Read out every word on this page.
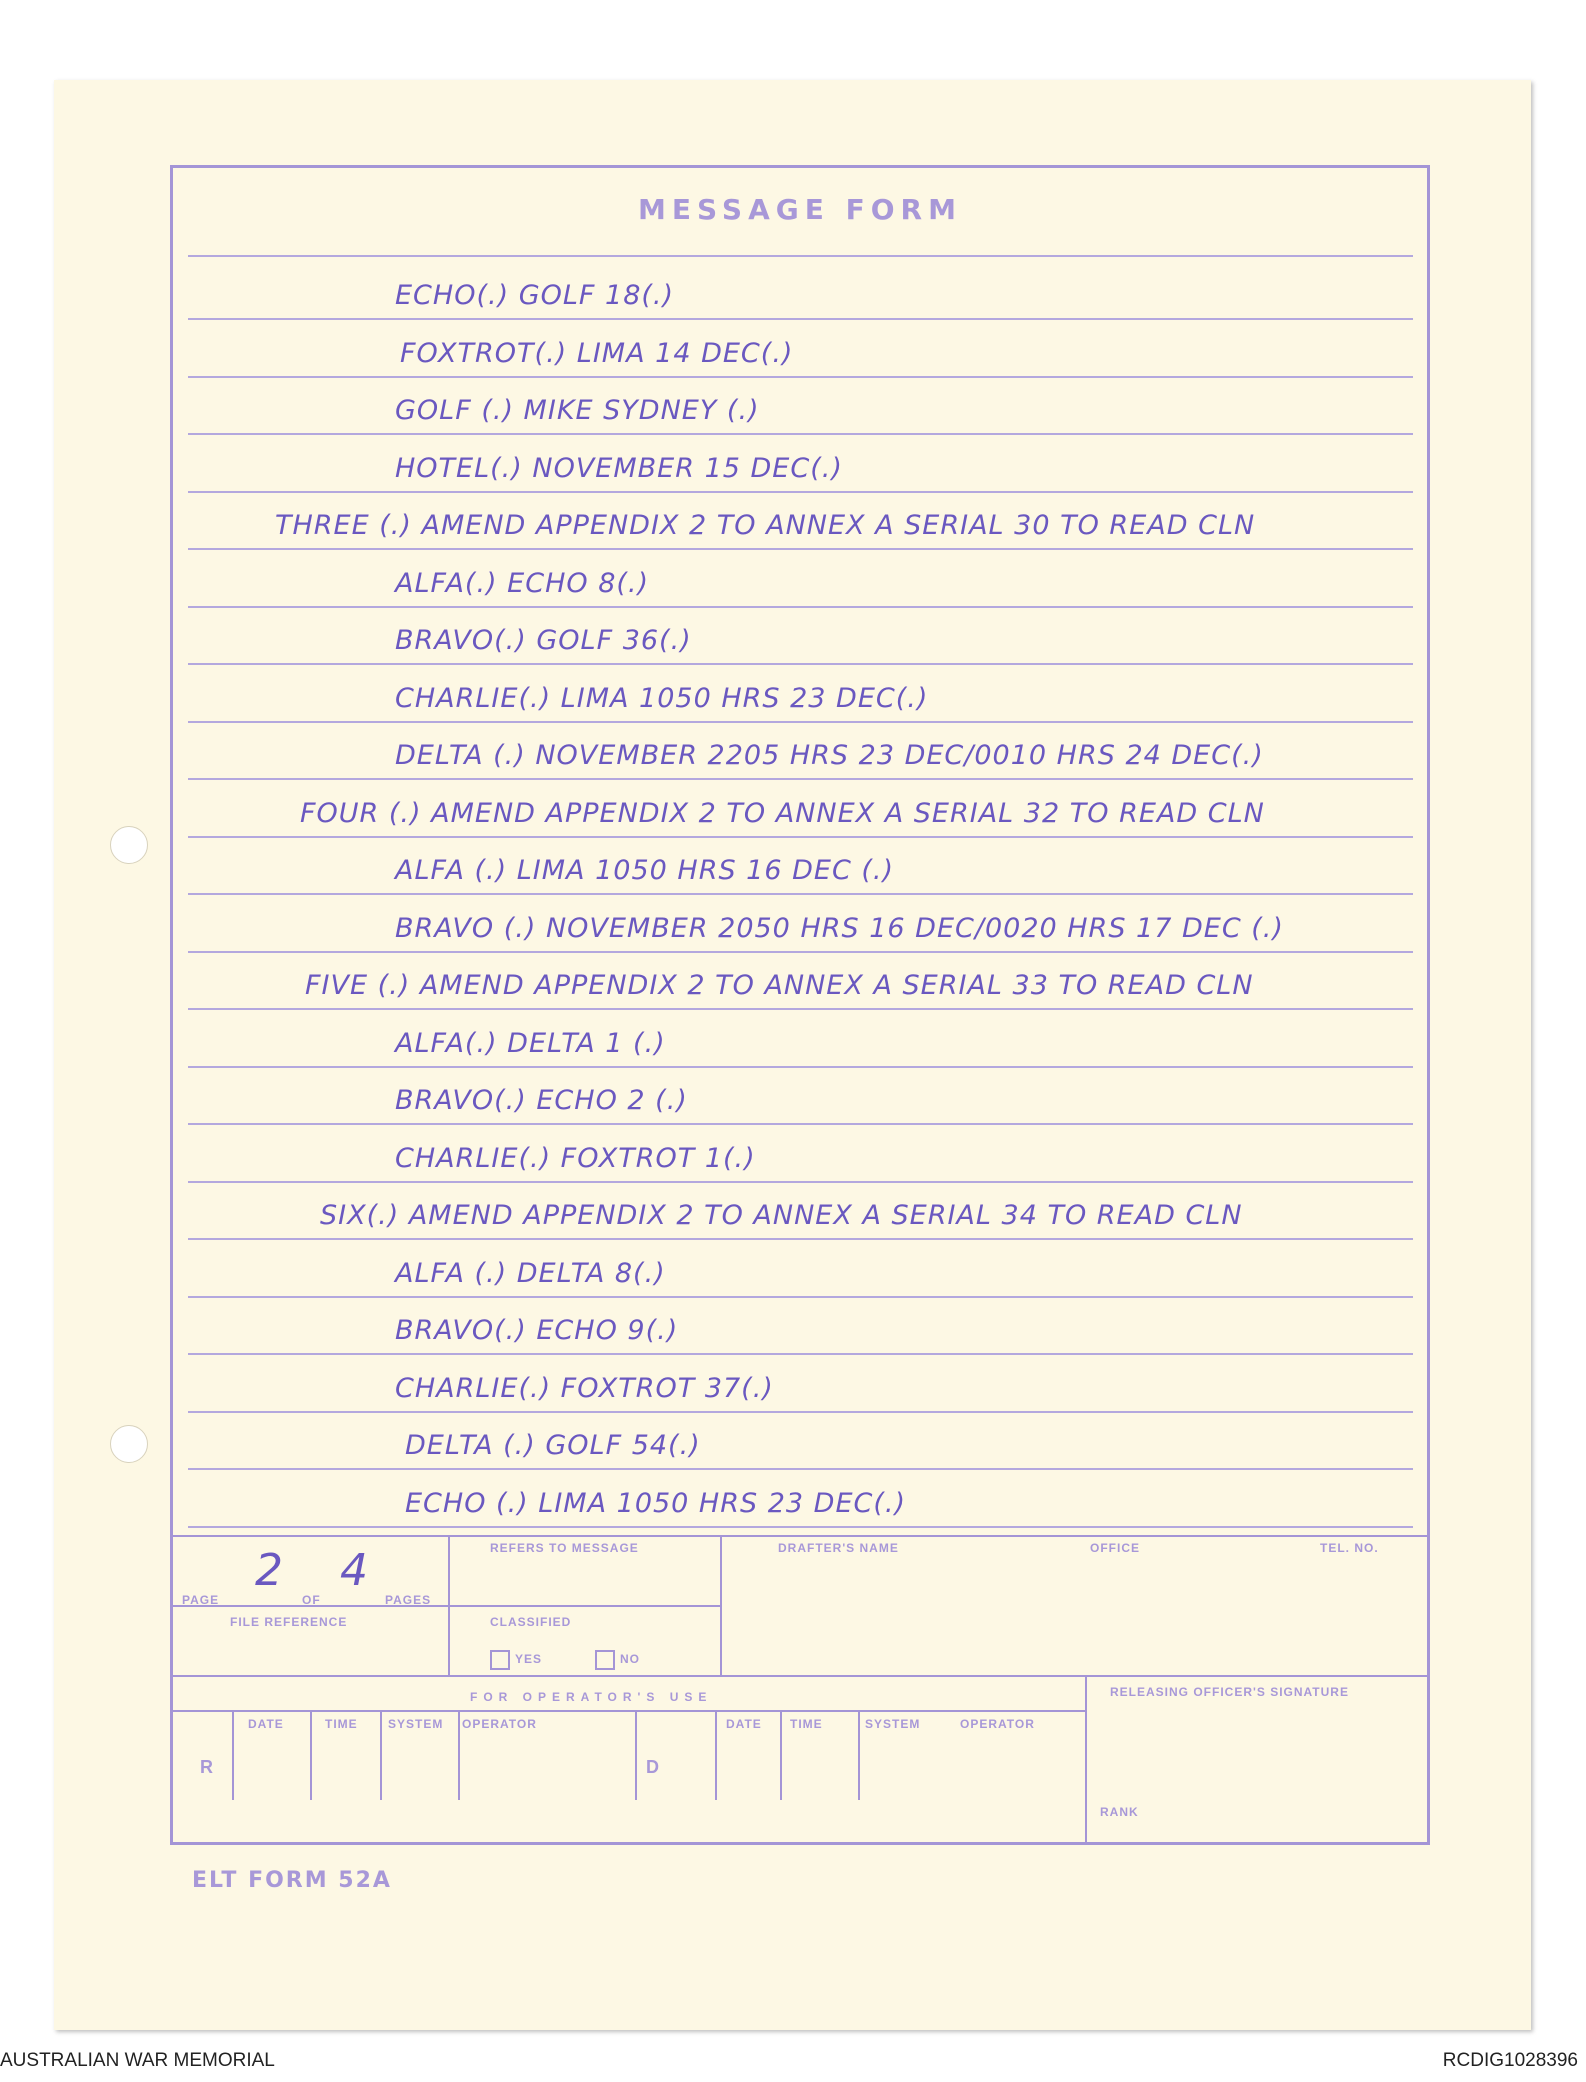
MESSAGE FORM
ECHO(.) GOLF 18(.)
FOXTROT(.) LIMA 14 DEC(.)
GOLF (.) MIKE SYDNEY (.)
HOTEL(.) NOVEMBER 15 DEC(.)
THREE (.) AMEND APPENDIX 2 TO ANNEX A SERIAL 30 TO READ CLN
ALFA(.) ECHO 8(.)
BRAVO(.) GOLF 36(.)
CHARLIE(.) LIMA 1050 HRS 23 DEC(.)
DELTA (.) NOVEMBER 2205 HRS 23 DEC/0010 HRS 24 DEC(.)
FOUR (.) AMEND APPENDIX 2 TO ANNEX A SERIAL 32 TO READ CLN
ALFA (.) LIMA 1050 HRS 16 DEC (.)
BRAVO (.) NOVEMBER 2050 HRS 16 DEC/0020 HRS 17 DEC (.)
FIVE (.) AMEND APPENDIX 2 TO ANNEX A SERIAL 33 TO READ CLN
ALFA(.) DELTA 1 (.)
BRAVO(.) ECHO 2 (.)
CHARLIE(.) FOXTROT 1(.)
SIX(.) AMEND APPENDIX 2 TO ANNEX A SERIAL 34 TO READ CLN
ALFA (.) DELTA 8(.)
BRAVO(.) ECHO 9(.)
CHARLIE(.) FOXTROT 37(.)
DELTA (.) GOLF 54(.)
ECHO (.) LIMA 1050 HRS 23 DEC(.)
PAGE
2
OF
4
PAGES
FILE REFERENCE
REFERS TO MESSAGE
CLASSIFIED
YES	NO
DRAFTER'S NAME	OFFICE	TEL. NO.
FOR OPERATOR'S USE	RELEASING OFFICER'S SIGNATURE
RANK
R
DATE	TIME	SYSTEM OPERATOR
D
DATE TIME	SYSTEM	OPERATOR
ELT FORM 52A
AUSTRALIAN WAR MEMORIAL	RCDIG1028396
